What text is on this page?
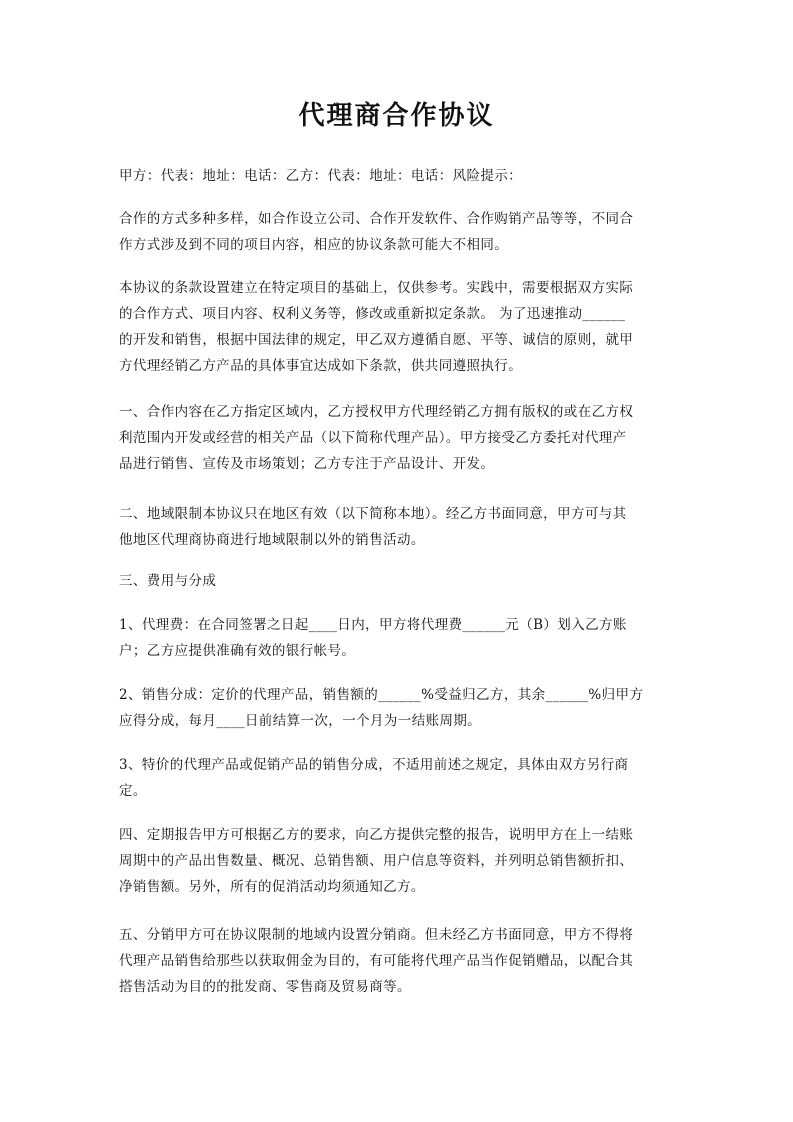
代理商合作协议

甲方：代表：地址：电话：乙方：代表：地址：电话：风险提示：

合作的方式多种多样，如合作设立公司、合作开发软件、合作购销产品等等，不同合
作方式涉及到不同的项目内容，相应的协议条款可能大不相同。

本协议的条款设置建立在特定项目的基础上，仅供参考。实践中，需要根据双方实际
的合作方式、项目内容、权利义务等，修改或重新拟定条款。 为了迅速推动______
的开发和销售，根据中国法律的规定，甲乙双方遵循自愿、平等、诚信的原则，就甲
方代理经销乙方产品的具体事宜达成如下条款，供共同遵照执行。

一、合作内容在乙方指定区域内，乙方授权甲方代理经销乙方拥有版权的或在乙方权
利范围内开发或经营的相关产品（以下简称代理产品）。甲方接受乙方委托对代理产
品进行销售、宣传及市场策划；乙方专注于产品设计、开发。

二、地域限制本协议只在地区有效（以下简称本地）。经乙方书面同意，甲方可与其
他地区代理商协商进行地域限制以外的销售活动。

三、费用与分成

1、代理费：在合同签署之日起____日内，甲方将代理费______元（B）划入乙方账
户；乙方应提供准确有效的银行帐号。

2、销售分成：定价的代理产品，销售额的______%受益归乙方，其余______%归甲方
应得分成，每月____日前结算一次，一个月为一结账周期。

3、特价的代理产品或促销产品的销售分成，不适用前述之规定，具体由双方另行商
定。

四、定期报告甲方可根据乙方的要求，向乙方提供完整的报告，说明甲方在上一结账
周期中的产品出售数量、概况、总销售额、用户信息等资料，并列明总销售额折扣、
净销售额。另外，所有的促消活动均须通知乙方。

五、分销甲方可在协议限制的地域内设置分销商。但未经乙方书面同意，甲方不得将
代理产品销售给那些以获取佣金为目的，有可能将代理产品当作促销赠品，以配合其
搭售活动为目的的批发商、零售商及贸易商等。
